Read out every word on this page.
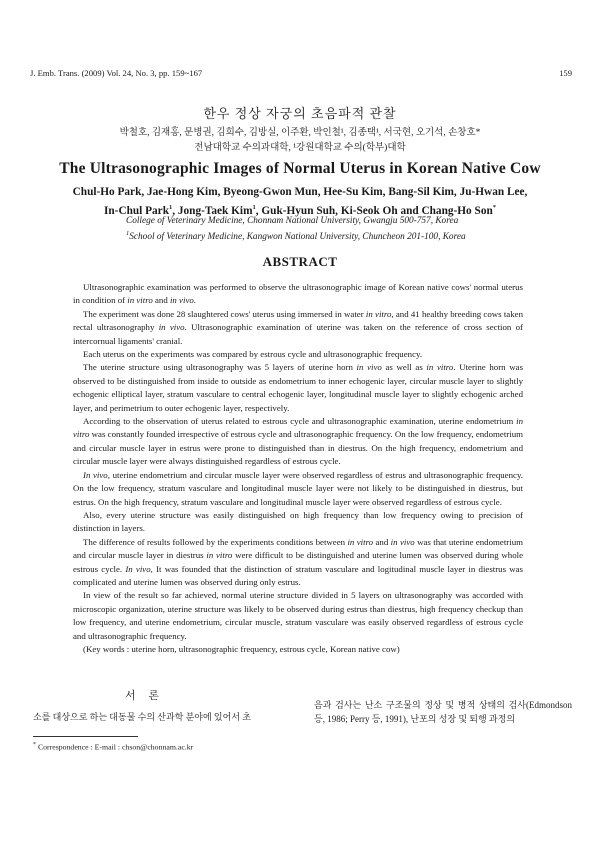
J. Emb. Trans. (2009) Vol. 24, No. 3, pp. 159~167	159
한우 정상 자궁의 초음파적 관찰
박철호, 김재홍, 문병권, 김희수, 김방실, 이주환, 박인철¹, 김종택¹, 서국현, 오기석, 손창호*
전남대학교 수의과대학, ¹강원대학교 수의(학부)대학
The Ultrasonographic Images of Normal Uterus in Korean Native Cow
Chul-Ho Park, Jae-Hong Kim, Byeong-Gwon Mun, Hee-Su Kim, Bang-Sil Kim, Ju-Hwan Lee,
In-Chul Park$^1$, Jong-Taek Kim$^1$, Guk-Hyun Suh, Ki-Seok Oh and Chang-Ho Son*
College of Veterinary Medicine, Chonnam National University, Gwangju 500-757, Korea
$^1$School of Veterinary Medicine, Kangwon National University, Chuncheon 201-100, Korea
ABSTRACT

Ultrasonographic examination was performed to observe the ultrasonographic image of Korean native cows' normal uterus in condition of in vitro and in vivo.

The experiment was done 28 slaughtered cows' uterus using immersed in water in vitro, and 41 healthy breeding cows taken rectal ultrasonography in vivo. Ultrasonographic examination of uterine was taken on the reference of cross section of intercornual ligaments' cranial.

Each uterus on the experiments was compared by estrous cycle and ultrasonographic frequency.

The uterine structure using ultrasonography was 5 layers of uterine horn in vivo as well as in vitro. Uterine horn was observed to be distinguished from inside to outside as endometrium to inner echogenic layer, circular muscle layer to slightly echogenic elliptical layer, stratum vasculare to central echogenic layer, longitudinal muscle layer to slightly echogenic arched layer, and perimetrium to outer echogenic layer, respectively.

According to the observation of uterus related to estrous cycle and ultrasonographic examination, uterine endometrium in vitro was constantly founded irrespective of estrous cycle and ultrasonographic frequency. On the low frequency, endometrium and circular muscle layer in estrus were prone to distinguished than in diestrus. On the high frequency, endometrium and circular muscle layer were always distinguished regardless of estrous cycle.

In vivo, uterine endometrium and circular muscle layer were observed regardless of estrus and ultrasonographic frequency. On the low frequency, stratum vasculare and longitudinal muscle layer were not likely to be distinguished in diestrus, but estrus. On the high frequency, stratum vasculare and longitudinal muscle layer were observed regardless of estrous cycle.

Also, every uterine structure was easily distinguished on high frequency than low frequency owing to precision of distinction in layers.

The difference of results followed by the experiments conditions between in vitro and in vivo was that uterine endometrium and circular muscle layer in diestrus in vitro were difficult to be distinguished and uterine lumen was observed during whole estrous cycle. In vivo, It was founded that the distinction of stratum vasculare and logitudinal muscle layer in diestrus was complicated and uterine lumen was observed during only estrus.

In view of the result so far achieved, normal uterine structure divided in 5 layers on ultrasonography was accorded with microscopic organization, uterine structure was likely to be observed during estrus than diestrus, high frequency checkup than low frequency, and uterine endometrium, circular muscle, stratum vasculare was easily observed regardless of estrous cycle and ultrasonographic frequency.

(Key words : uterine horn, ultrasonographic frequency, estrous cycle, Korean native cow)

서 론
소를 대상으로 하는 대동물 수의 산과학 분야에 있어서 초
음과 검사는 난소 구조물의 정상 및 병적 상태의 검사(Edmondson 등, 1986; Perry 등, 1991), 난포의 성장 및 퇴행 과정의
* Correspondence : E-mail : chson@chonnam.ac.kr
